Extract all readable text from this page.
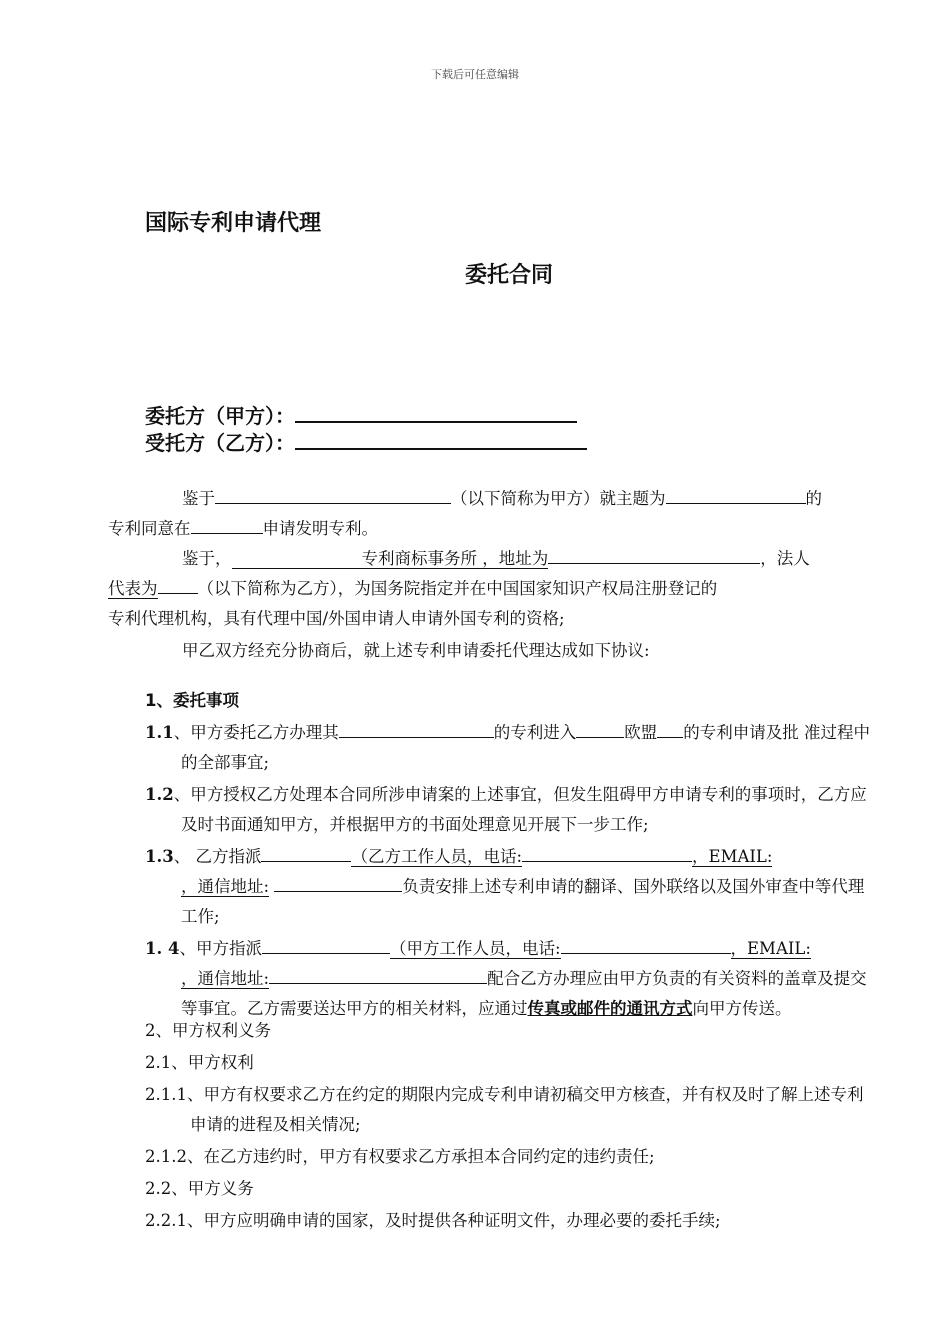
下载后可任意编辑
国际专利申请代理
委托合同
委托方（甲方）：
受托方（乙方）：

鉴于	（以下简称为甲方）就主题为	的
专利同意在	申请发明专利。

鉴于，	专利商标事务所 ，地址为	，法人
代表为 （以下简称为乙方），为国务院指定并在中国国家知识产权局注册登记的
专利代理机构，具有代理中国/外国申请人申请外国专利的资格;

甲乙双方经充分协商后，就上述专利申请委托代理达成如下协议:

1、委托事项

1.1、甲方委托乙方办理其	的专利进入	欧盟 的专利申请及批 准过程中的全部事宜;

1.2、甲方授权乙方处理本合同所涉申请案的上述事宜，但发生阻碍甲方申请专利的事项时，乙方应及时书面通知甲方，并根据甲方的书面处理意见开展下一步工作;

1.3、 乙方指派	（乙方工作人员，电话:	，EMAIL:
，通信地址:	负责安排上述专利申请的翻译、国外联络以及国外审查中等代理工作;

1. 4、甲方指派	（甲方工作人员，电话:	，EMAIL:
，通信地址:	配合乙方办理应由甲方负责的有关资料的盖章及提交等事宜。乙方需要送达甲方的相关材料，应通过传真或邮件的通讯方式向甲方传送。

2、甲方权利义务

2.1、甲方权利

2.1.1、甲方有权要求乙方在约定的期限内完成专利申请初稿交甲方核查，并有权及时了解上述专利申请的进程及相关情况;

2.1.2、在乙方违约时，甲方有权要求乙方承担本合同约定的违约责任;

2.2、甲方义务

2.2.1、甲方应明确申请的国家，及时提供各种证明文件，办理必要的委托手续;
